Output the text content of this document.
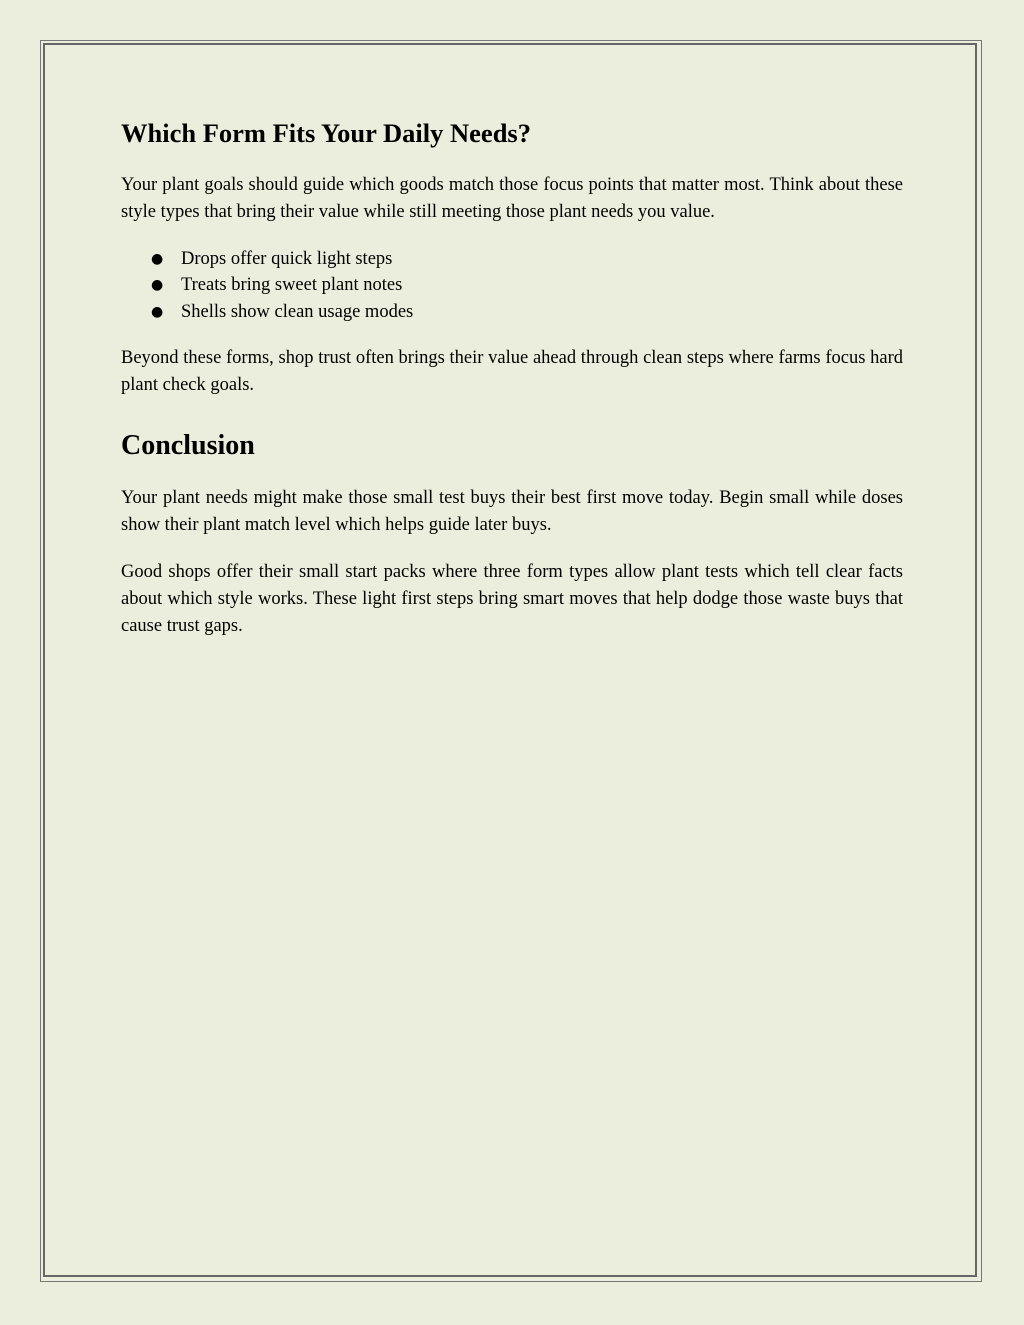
Which Form Fits Your Daily Needs?

Your plant goals should guide which goods match those focus points that matter most. Think about these style types that bring their value while still meeting those plant needs you value.

● Drops offer quick light steps
● Treats bring sweet plant notes
● Shells show clean usage modes

Beyond these forms, shop trust often brings their value ahead through clean steps where farms focus hard plant check goals.

Conclusion

Your plant needs might make those small test buys their best first move today. Begin small while doses show their plant match level which helps guide later buys.

Good shops offer their small start packs where three form types allow plant tests which tell clear facts about which style works. These light first steps bring smart moves that help dodge those waste buys that cause trust gaps.
